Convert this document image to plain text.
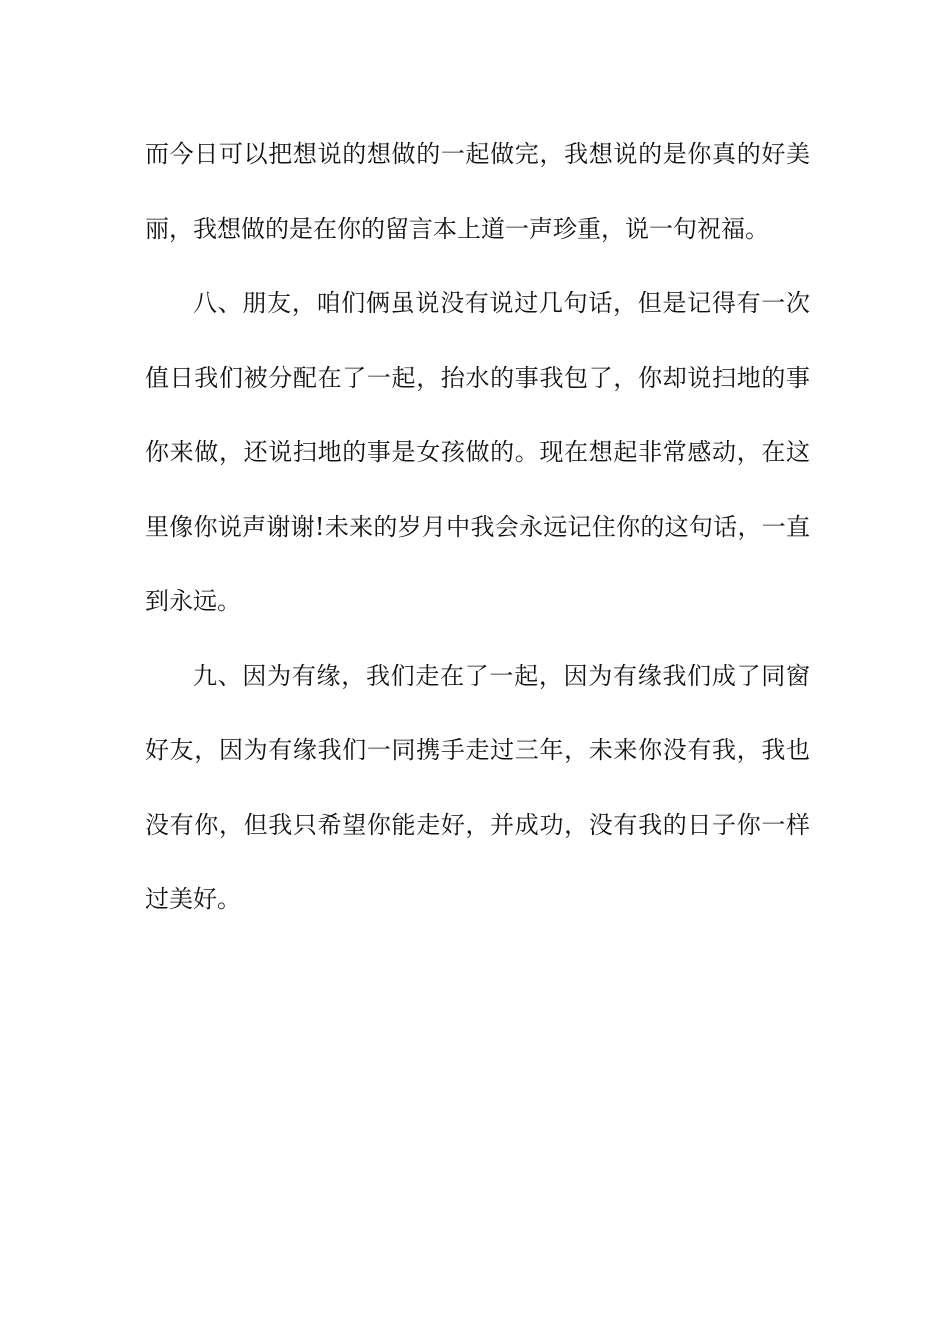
而今日可以把想说的想做的一起做完，我想说的是你真的好美
丽，我想做的是在你的留言本上道一声珍重，说一句祝福。
八、朋友，咱们俩虽说没有说过几句话，但是记得有一次
值日我们被分配在了一起，抬水的事我包了，你却说扫地的事
你来做，还说扫地的事是女孩做的。现在想起非常感动，在这
里像你说声谢谢!未来的岁月中我会永远记住你的这句话，一直
到永远。
九、因为有缘，我们走在了一起，因为有缘我们成了同窗
好友，因为有缘我们一同携手走过三年，未来你没有我，我也
没有你，但我只希望你能走好，并成功，没有我的日子你一样
过美好。
